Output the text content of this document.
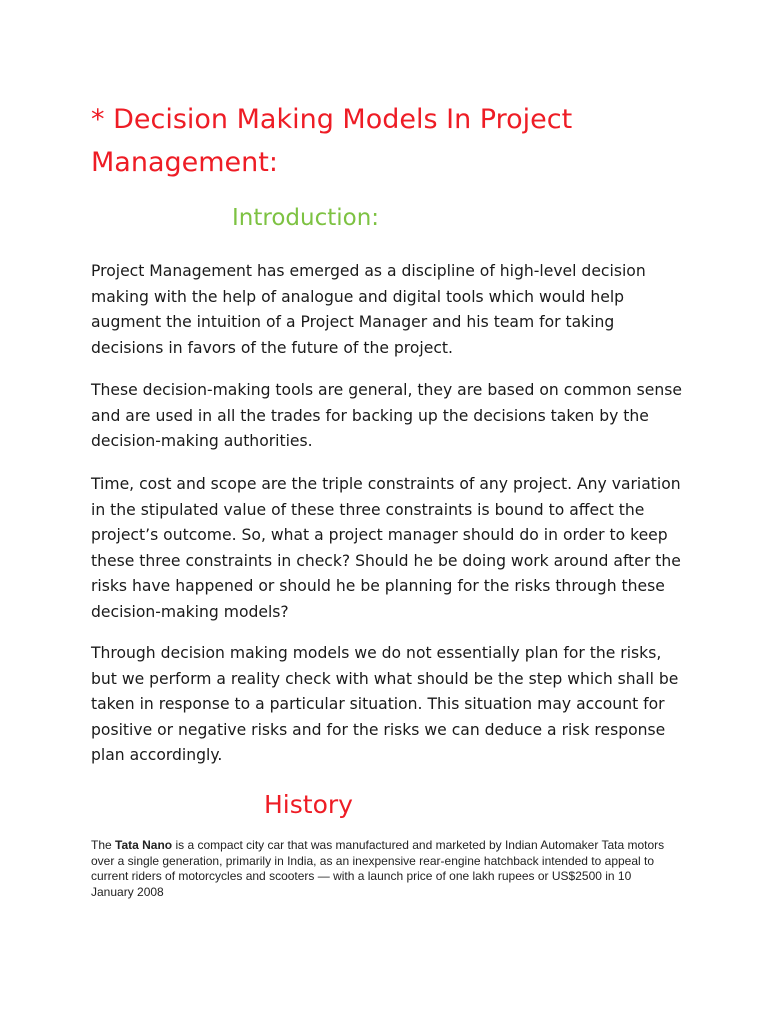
* Decision Making Models In Project Management:
Introduction:

Project Management has emerged as a discipline of high-level decision making with the help of analogue and digital tools which would help augment the intuition of a Project Manager and his team for taking decisions in favors of the future of the project.

These decision-making tools are general, they are based on common sense and are used in all the trades for backing up the decisions taken by the decision-making authorities.

Time, cost and scope are the triple constraints of any project. Any variation in the stipulated value of these three constraints is bound to affect the project’s outcome. So, what a project manager should do in order to keep these three constraints in check? Should he be doing work around after the risks have happened or should he be planning for the risks through these decision-making models?

Through decision making models we do not essentially plan for the risks, but we perform a reality check with what should be the step which shall be taken in response to a particular situation. This situation may account for positive or negative risks and for the risks we can deduce a risk response plan accordingly.

History

The Tata Nano is a compact city car that was manufactured and marketed by Indian Automaker Tata motors over a single generation, primarily in India, as an inexpensive rear-engine hatchback intended to appeal to current riders of motorcycles and scooters — with a launch price of one lakh rupees or US$2500 in 10 January 2008
